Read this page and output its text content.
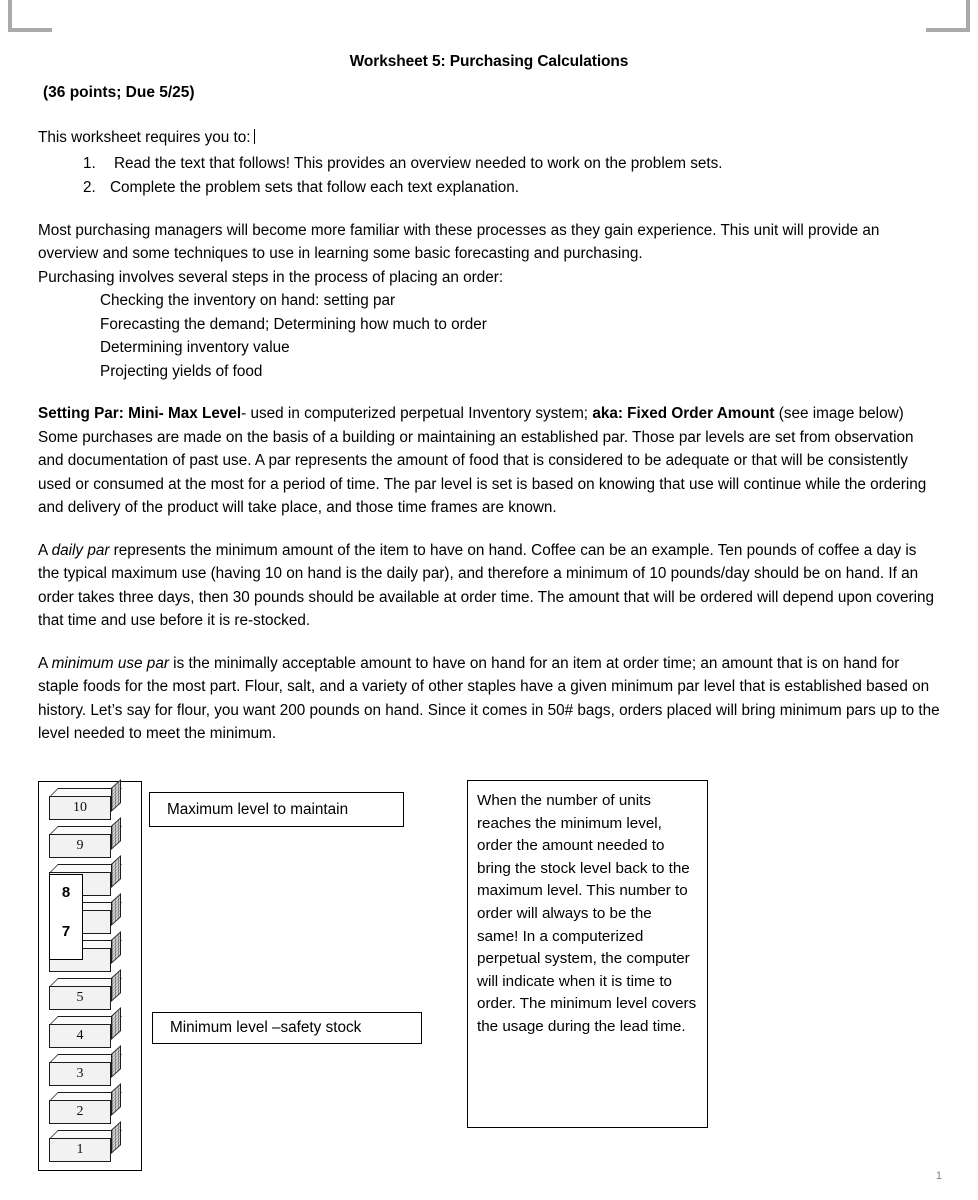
Worksheet 5: Purchasing Calculations
(36 points; Due 5/25)
This worksheet requires you to:
1. Read the text that follows! This provides an overview needed to work on the problem sets.
2. Complete the problem sets that follow each text explanation.
Most purchasing managers will become more familiar with these processes as they gain experience. This unit will provide an overview and some techniques to use in learning some basic forecasting and purchasing.
Purchasing involves several steps in the process of placing an order:
Checking the inventory on hand: setting par
Forecasting the demand; Determining how much to order
Determining inventory value
Projecting yields of food
Setting Par: Mini- Max Level- used in computerized perpetual Inventory system; aka: Fixed Order Amount (see image below)
Some purchases are made on the basis of a building or maintaining an established par. Those par levels are set from observation and documentation of past use. A par represents the amount of food that is considered to be adequate or that will be consistently used or consumed at the most for a period of time. The par level is set is based on knowing that use will continue while the ordering and delivery of the product will take place, and those time frames are known.
A daily par represents the minimum amount of the item to have on hand. Coffee can be an example. Ten pounds of coffee a day is the typical maximum use (having 10 on hand is the daily par), and therefore a minimum of 10 pounds/day should be on hand. If an order takes three days, then 30 pounds should be available at order time. The amount that will be ordered will depend upon covering that time and use before it is re-stocked.
A minimum use par is the minimally acceptable amount to have on hand for an item at order time; an amount that is on hand for staple foods for the most part. Flour, salt, and a variety of other staples have a given minimum par level that is established based on history. Let’s say for flour, you want 200 pounds on hand. Since it comes in 50# bags, orders placed will bring minimum pars up to the level needed to meet the minimum.
10
9
5
4
3
2
1
8
7
Maximum level to maintain
Minimum level –safety stock
When the number of units reaches the minimum level, order the amount needed to bring the stock level back to the maximum level. This number to order will always to be the same! In a computerized perpetual system, the computer will indicate when it is time to order. The minimum level covers the usage during the lead time.
1
